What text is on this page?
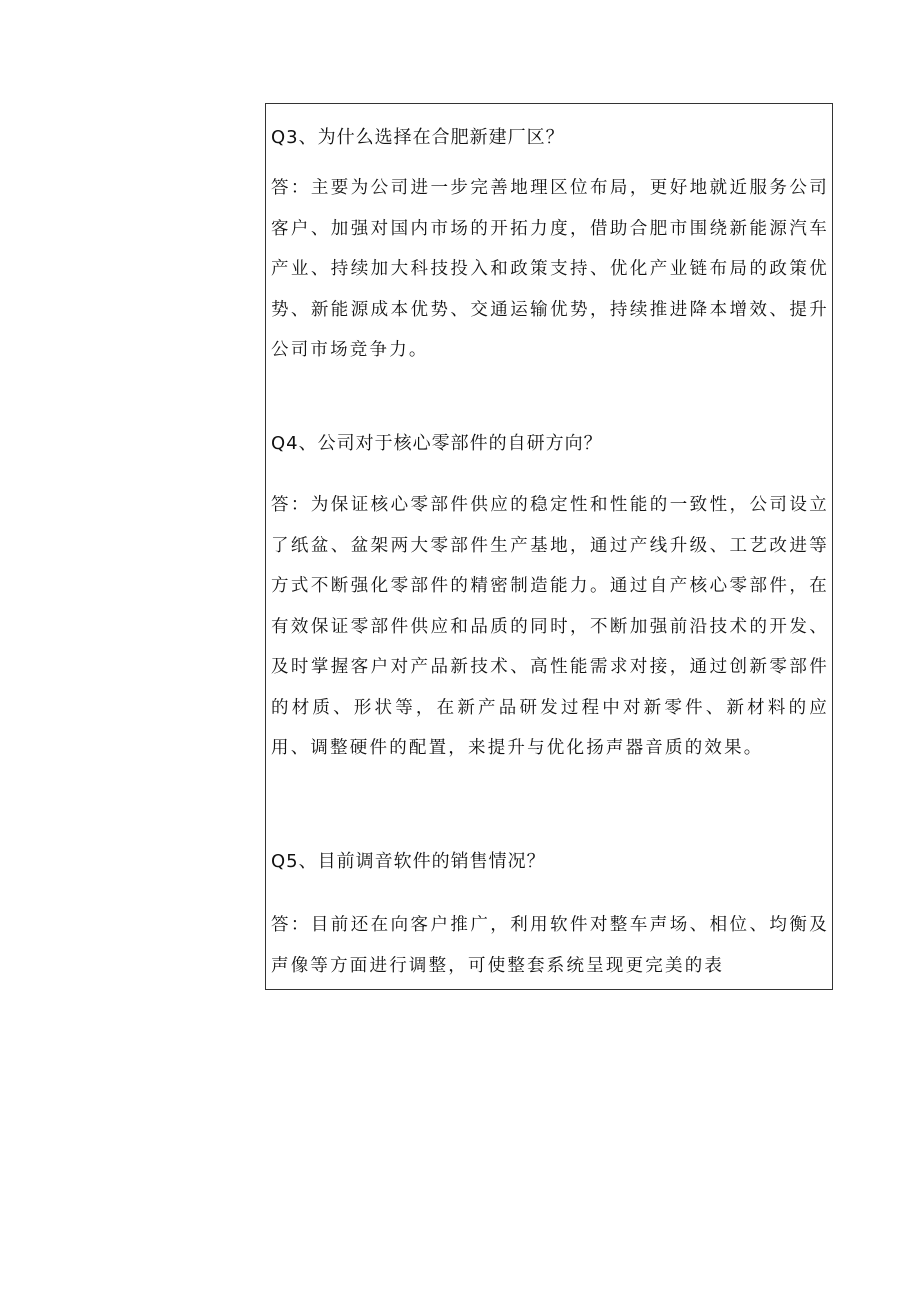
Q3、为什么选择在合肥新建厂区？

答：主要为公司进一步完善地理区位布局，更好地就近服务公司客户、加强对国内市场的开拓力度，借助合肥市围绕新能源汽车产业、持续加大科技投入和政策支持、优化产业链布局的政策优势、新能源成本优势、交通运输优势，持续推进降本增效、提升公司市场竞争力。

Q4、公司对于核心零部件的自研方向？

答：为保证核心零部件供应的稳定性和性能的一致性，公司设立了纸盆、盆架两大零部件生产基地，通过产线升级、工艺改进等方式不断强化零部件的精密制造能力。通过自产核心零部件，在有效保证零部件供应和品质的同时，不断加强前沿技术的开发、及时掌握客户对产品新技术、高性能需求对接，通过创新零部件的材质、形状等，在新产品研发过程中对新零件、新材料的应用、调整硬件的配置，来提升与优化扬声器音质的效果。

Q5、目前调音软件的销售情况？

答：目前还在向客户推广，利用软件对整车声场、相位、均衡及声像等方面进行调整，可使整套系统呈现更完美的表
